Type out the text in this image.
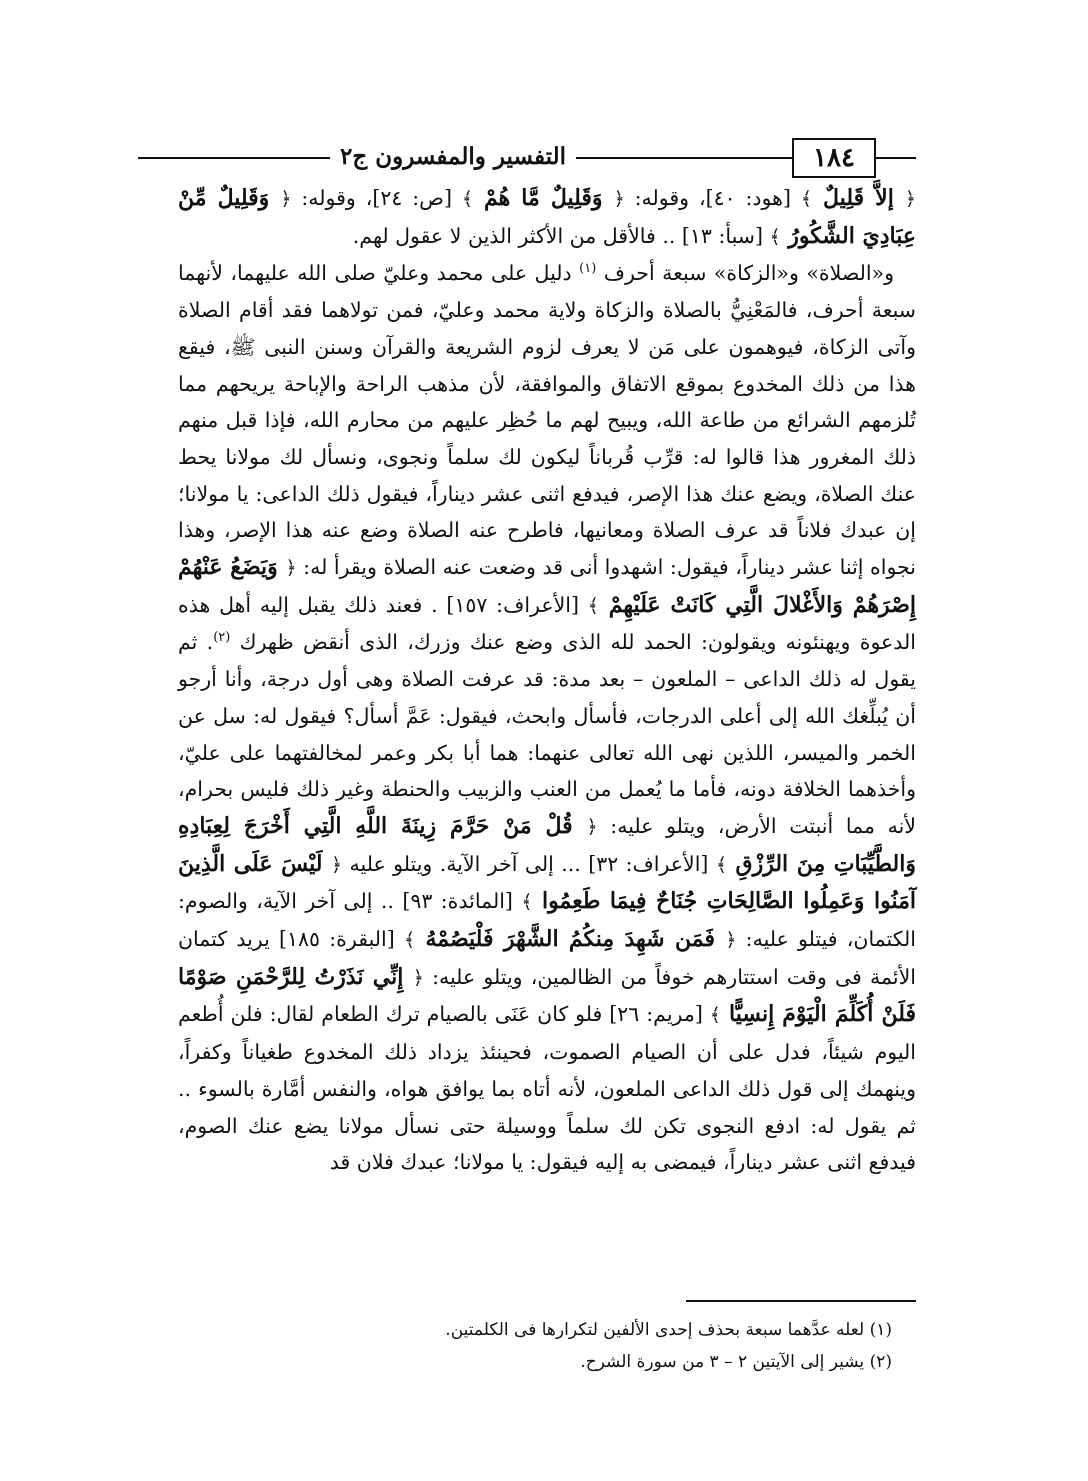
١٨٤
التفسير والمفسرون ج٢

﴿ إلاَّ قَلِيلٌ ﴾ [هود: ٤٠]، وقوله: ﴿ وَقَلِيلٌ مَّا هُمْ ﴾ [ص: ٢٤]، وقوله: ﴿ وَقَلِيلٌ مِّنْ عِبَادِيَ الشَّكُورُ ﴾ [سبأ: ١٣] .. فالأقل من الأكثر الذين لا عقول لهم.

و«الصلاة» و«الزكاة» سبعة أحرف $^{(١)}$ دليل على محمد وعليّ صلى الله عليهما، لأنهما سبعة أحرف، فالمَعْنِيُّ بالصلاة والزكاة ولاية محمد وعليّ، فمن تولاهما فقد أقام الصلاة وآتى الزكاة، فيوهمون على مَن لا يعرف لزوم الشريعة والقرآن وسنن النبى ﷺ، فيقع هذا من ذلك المخدوع بموقع الاتفاق والموافقة، لأن مذهب الراحة والإباحة يريحهم مما تُلزمهم الشرائع من طاعة الله، ويبيح لهم ما حُظِر عليهم من محارم الله، فإذا قبل منهم ذلك المغرور هذا قالوا له: قرِّب قُرباناً ليكون لك سلماً ونجوى، ونسأل لك مولانا يحط عنك الصلاة، ويضع عنك هذا الإصر، فيدفع اثنى عشر ديناراً، فيقول ذلك الداعى: يا مولانا؛ إن عبدك فلاناً قد عرف الصلاة ومعانيها، فاطرح عنه الصلاة وضع عنه هذا الإصر، وهذا نجواه إثنا عشر ديناراً، فيقول: اشهدوا أنى قد وضعت عنه الصلاة ويقرأ له: ﴿ وَيَضَعُ عَنْهُمْ إِصْرَهُمْ وَالأَغْلالَ الَّتِي كَانَتْ عَلَيْهِمْ ﴾ [الأعراف: ١٥٧] . فعند ذلك يقبل إليه أهل هذه الدعوة ويهنئونه ويقولون: الحمد لله الذى وضع عنك وزرك، الذى أنقض ظهرك $^{(٢)}$. ثم يقول له ذلك الداعى – الملعون – بعد مدة: قد عرفت الصلاة وهى أول درجة، وأنا أرجو أن يُبلِّغك الله إلى أعلى الدرجات، فأسأل وابحث، فيقول: عَمَّ أسأل؟ فيقول له: سل عن الخمر والميسر، اللذين نهى الله تعالى عنهما: هما أبا بكر وعمر لمخالفتهما على عليّ، وأخذهما الخلافة دونه، فأما ما يُعمل من العنب والزبيب والحنطة وغير ذلك فليس بحرام، لأنه مما أنبتت الأرض، ويتلو عليه: ﴿ قُلْ مَنْ حَرَّمَ زِينَةَ اللَّهِ الَّتِي أَخْرَجَ لِعِبَادِهِ وَالطَّيِّبَاتِ مِنَ الرِّزْقِ ﴾ [الأعراف: ٣٢] ... إلى آخر الآية. ويتلو عليه ﴿ لَيْسَ عَلَى الَّذِينَ آمَنُوا وَعَمِلُوا الصَّالِحَاتِ جُنَاحٌ فِيمَا طَعِمُوا ﴾ [المائدة: ٩٣] .. إلى آخر الآية، والصوم: الكتمان، فيتلو عليه: ﴿ فَمَن شَهِدَ مِنكُمُ الشَّهْرَ فَلْيَصُمْهُ ﴾ [البقرة: ١٨٥] يريد كتمان الأئمة فى وقت استتارهم خوفاً من الظالمين، ويتلو عليه: ﴿ إِنِّي نَذَرْتُ لِلرَّحْمَنِ صَوْمًا فَلَنْ أُكَلِّمَ الْيَوْمَ إِنسِيًّا ﴾ [مريم: ٢٦] فلو كان عَنَى بالصيام ترك الطعام لقال: فلن أُطعم اليوم شيئاً، فدل على أن الصيام الصموت، فحينئذ يزداد ذلك المخدوع طغياناً وكفراً، وينهمك إلى قول ذلك الداعى الملعون، لأنه أتاه بما يوافق هواه، والنفس أمَّارة بالسوء .. ثم يقول له: ادفع النجوى تكن لك سلماً ووسيلة حتى نسأل مولانا يضع عنك الصوم، فيدفع اثنى عشر ديناراً، فيمضى به إليه فيقول: يا مولانا؛ عبدك فلان قد

(١) لعله عدَّهما سبعة بحذف إحدى الألفين لتكرارها فى الكلمتين.

(٢) يشير إلى الآيتين ٢ – ٣ من سورة الشرح.
